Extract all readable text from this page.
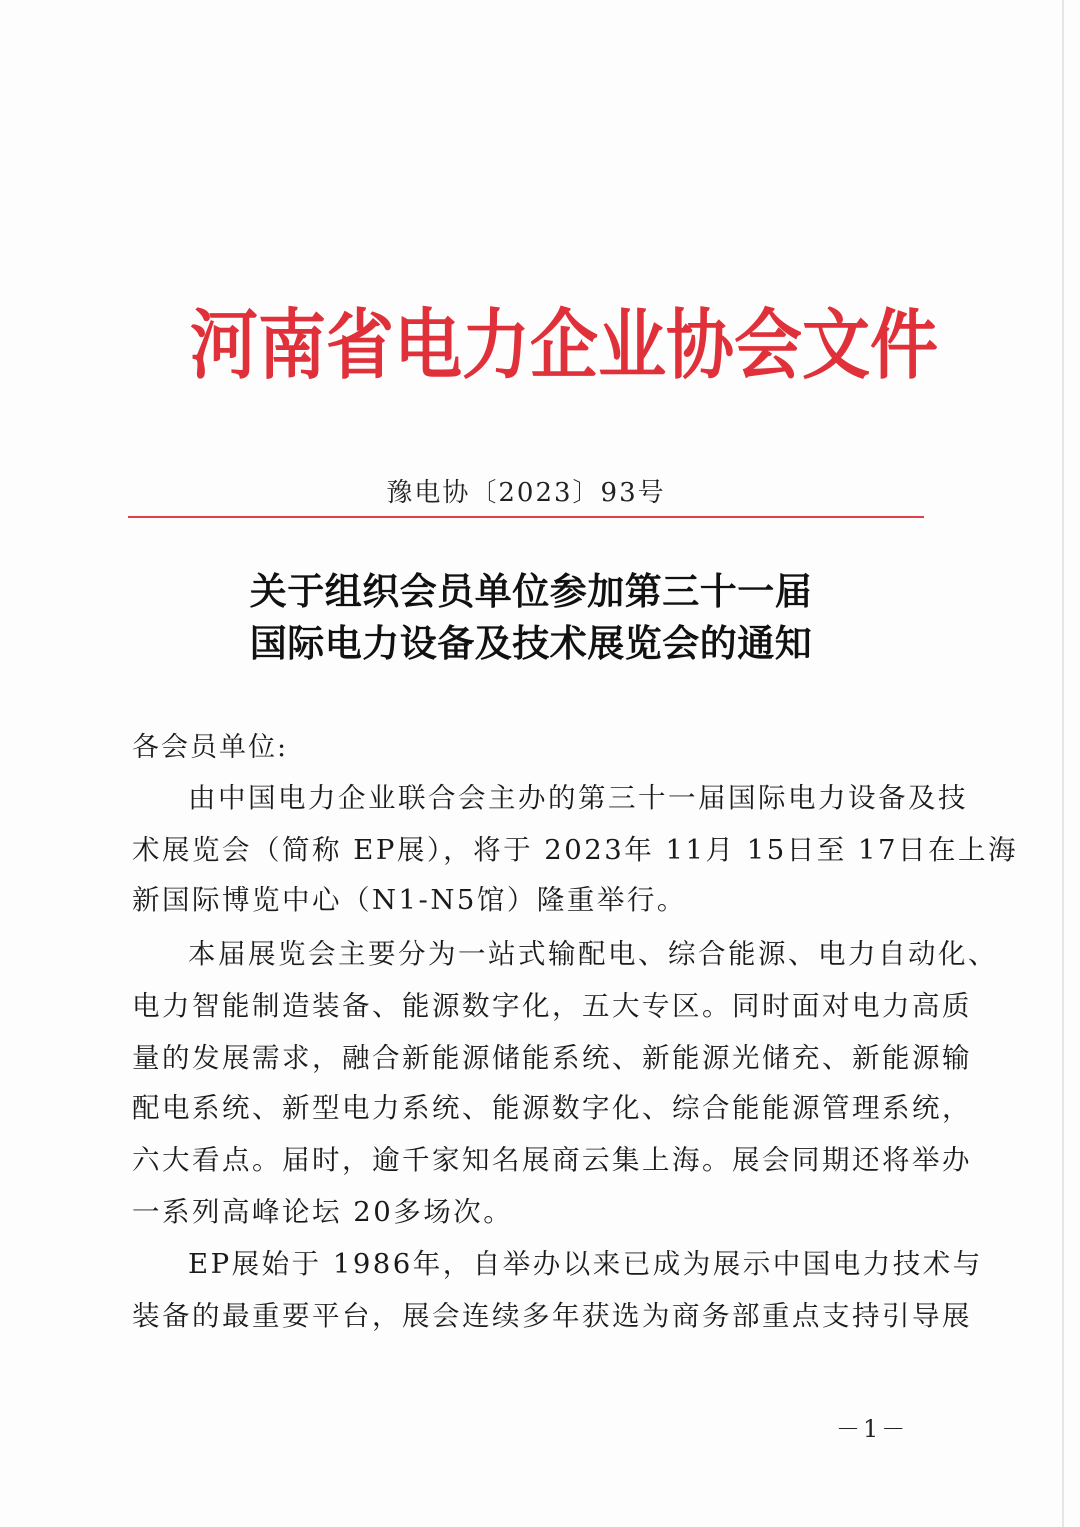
河南省电力企业协会文件
豫电协〔2023〕93号
关于组织会员单位参加第三十一届
国际电力设备及技术展览会的通知
各会员单位:
由中国电力企业联合会主办的第三十一届国际电力设备及技
术展览会（简称 EP展），将于 2023年 11月 15日至 17日在上海
新国际博览中心（N1-N5馆）隆重举行。
本届展览会主要分为一站式输配电、综合能源、电力自动化、
电力智能制造装备、能源数字化，五大专区。同时面对电力高质
量的发展需求，融合新能源储能系统、新能源光储充、新能源输
配电系统、新型电力系统、能源数字化、综合能能源管理系统，
六大看点。届时，逾千家知名展商云集上海。展会同期还将举办
一系列高峰论坛 20多场次。
EP展始于 1986年，自举办以来已成为展示中国电力技术与
装备的最重要平台，展会连续多年获选为商务部重点支持引导展
－1－
